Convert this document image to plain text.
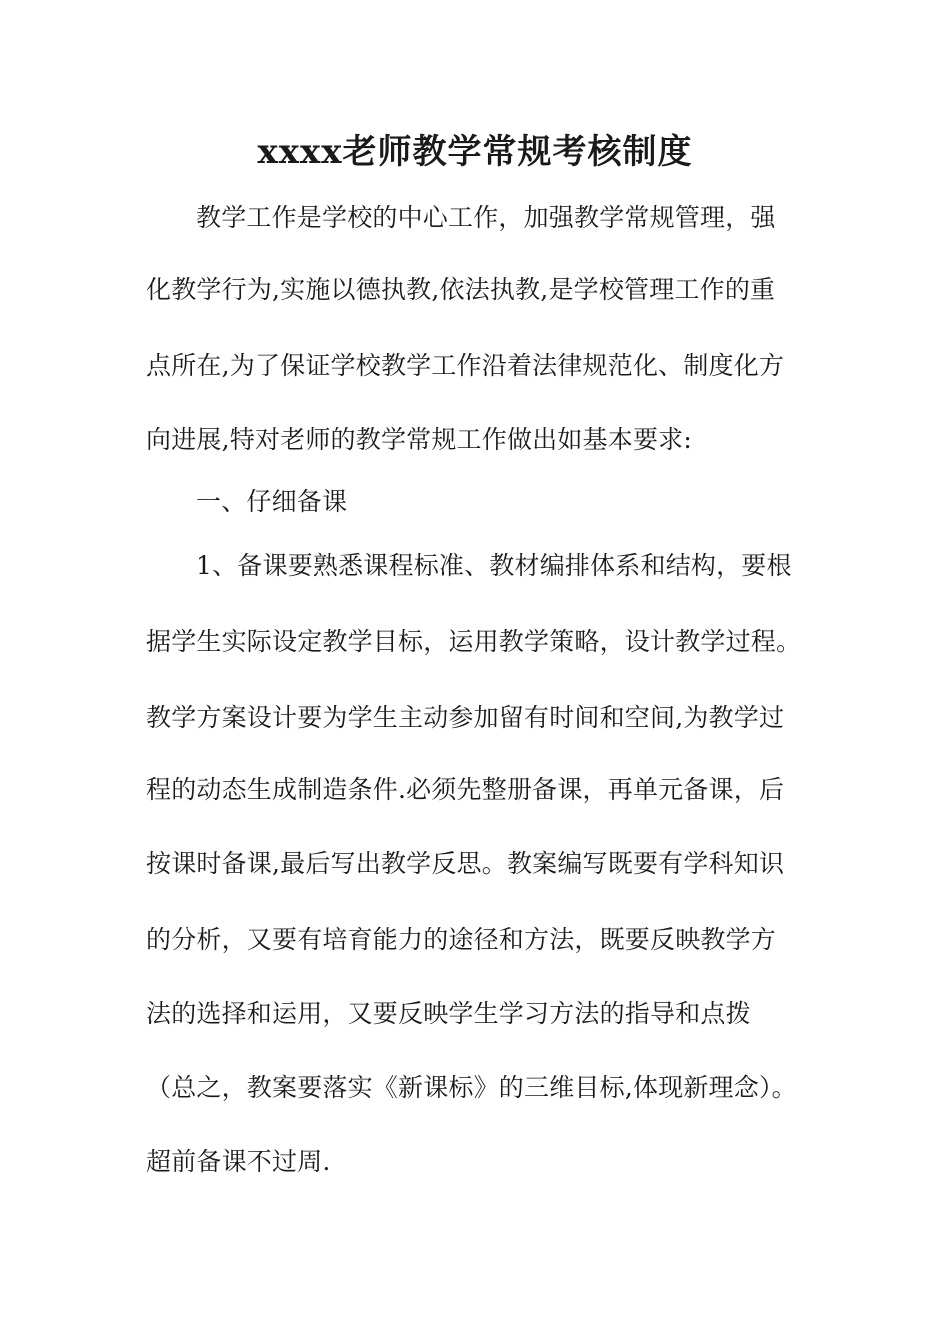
xxxx老师教学常规考核制度
教学工作是学校的中心工作，加强教学常规管理，强
化教学行为,实施以德执教,依法执教,是学校管理工作的重
点所在,为了保证学校教学工作沿着法律规范化、制度化方
向进展,特对老师的教学常规工作做出如基本要求:
一、仔细备课
1、备课要熟悉课程标准、教材编排体系和结构，要根
据学生实际设定教学目标，运用教学策略，设计教学过程。
教学方案设计要为学生主动参加留有时间和空间,为教学过
程的动态生成制造条件.必须先整册备课，再单元备课，后
按课时备课,最后写出教学反思。教案编写既要有学科知识
的分析，又要有培育能力的途径和方法，既要反映教学方
法的选择和运用，又要反映学生学习方法的指导和点拨
（总之，教案要落实《新课标》的三维目标,体现新理念）。
超前备课不过周.
